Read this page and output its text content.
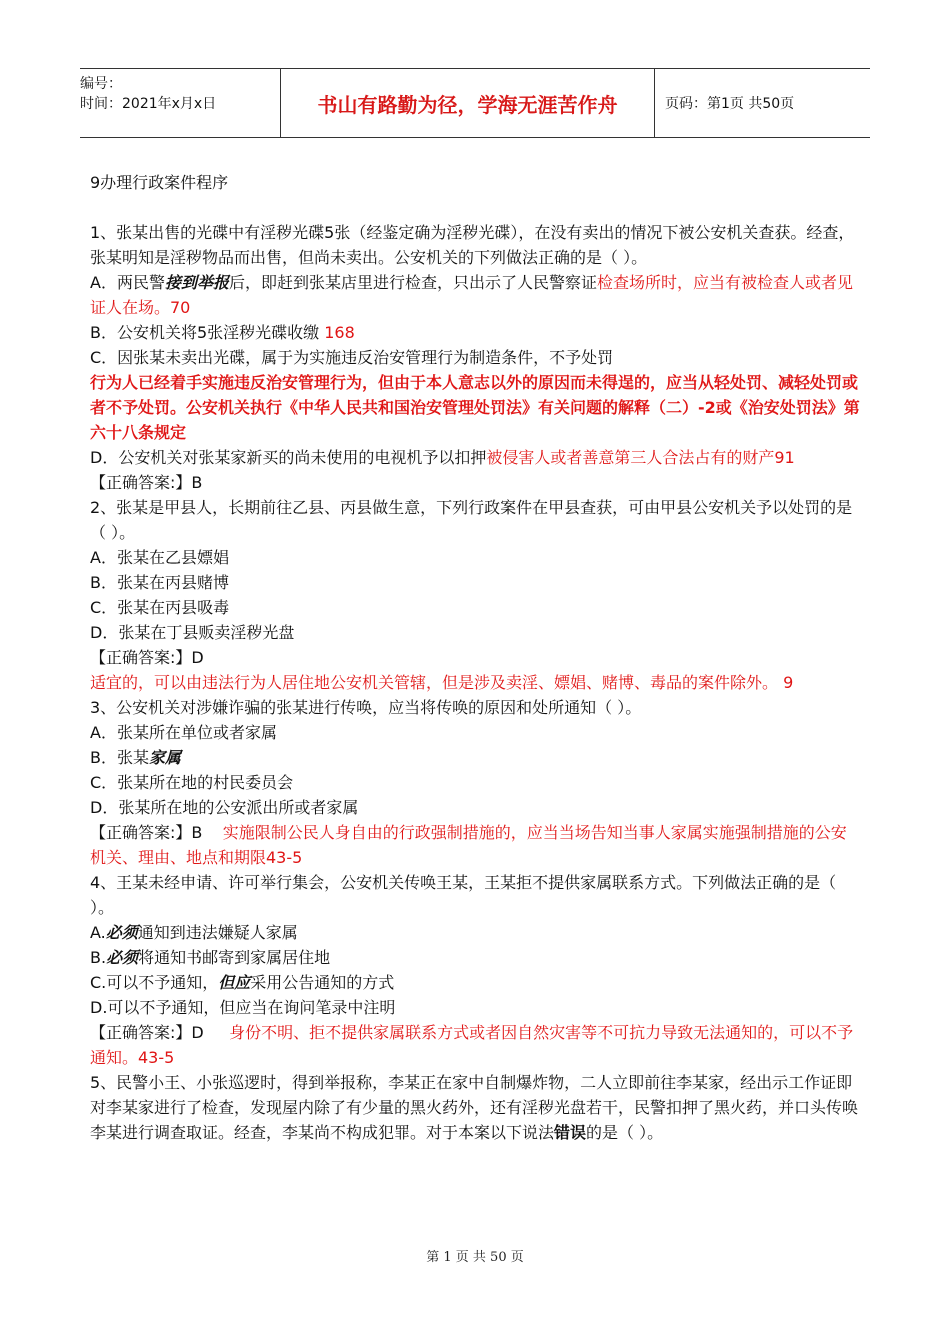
编号：
时间：2021年x月x日	书山有路勤为径，学海无涯苦作舟	页码：第1页 共50页

9办理行政案件程序

1、张某出售的光碟中有淫秽光碟5张（经鉴定确为淫秽光碟），在没有卖出的情况下被公安机关查获。经查，张某明知是淫秽物品而出售，但尚未卖出。公安机关的下列做法正确的是（ ）。

A．两民警接到举报后，即赶到张某店里进行检查，只出示了人民警察证检查场所时，应当有被检查人或者见证人在场。70

B．公安机关将5张淫秽光碟收缴 168

C．因张某未卖出光碟，属于为实施违反治安管理行为制造条件，不予处罚

行为人已经着手实施违反治安管理行为，但由于本人意志以外的原因而未得逞的，应当从轻处罚、减轻处罚或者不予处罚。公安机关执行《中华人民共和国治安管理处罚法》有关问题的解释（二）-2或《治安处罚法》第六十八条规定

D．公安机关对张某家新买的尚未使用的电视机予以扣押被侵害人或者善意第三人合法占有的财产91

【正确答案:】B

2、张某是甲县人，长期前往乙县、丙县做生意，下列行政案件在甲县查获，可由甲县公安机关予以处罚的是（ ）。

A．张某在乙县嫖娼

B．张某在丙县赌博

C．张某在丙县吸毒

D．张某在丁县贩卖淫秽光盘

【正确答案:】D

适宜的，可以由违法行为人居住地公安机关管辖，但是涉及卖淫、嫖娼、赌博、毒品的案件除外。 9

3、公安机关对涉嫌诈骗的张某进行传唤，应当将传唤的原因和处所通知（ ）。

A．张某所在单位或者家属

B．张某家属

C．张某所在地的村民委员会

D．张某所在地的公安派出所或者家属

【正确答案:】B    实施限制公民人身自由的行政强制措施的，应当当场告知当事人家属实施强制措施的公安机关、理由、地点和期限43-5

4、王某未经申请、许可举行集会，公安机关传唤王某，王某拒不提供家属联系方式。下列做法正确的是（ ）。

A.必须通知到违法嫌疑人家属

B.必须将通知书邮寄到家属居住地

C.可以不予通知，但应采用公告通知的方式

D.可以不予通知，但应当在询问笔录中注明

【正确答案:】D     身份不明、拒不提供家属联系方式或者因自然灾害等不可抗力导致无法通知的，可以不予通知。43-5

5、民警小王、小张巡逻时，得到举报称，李某正在家中自制爆炸物，二人立即前往李某家，经出示工作证即对李某家进行了检查，发现屋内除了有少量的黑火药外，还有淫秽光盘若干，民警扣押了黑火药，并口头传唤李某进行调查取证。经查，李某尚不构成犯罪。对于本案以下说法错误的是（ ）。

第 1 页 共 50 页
